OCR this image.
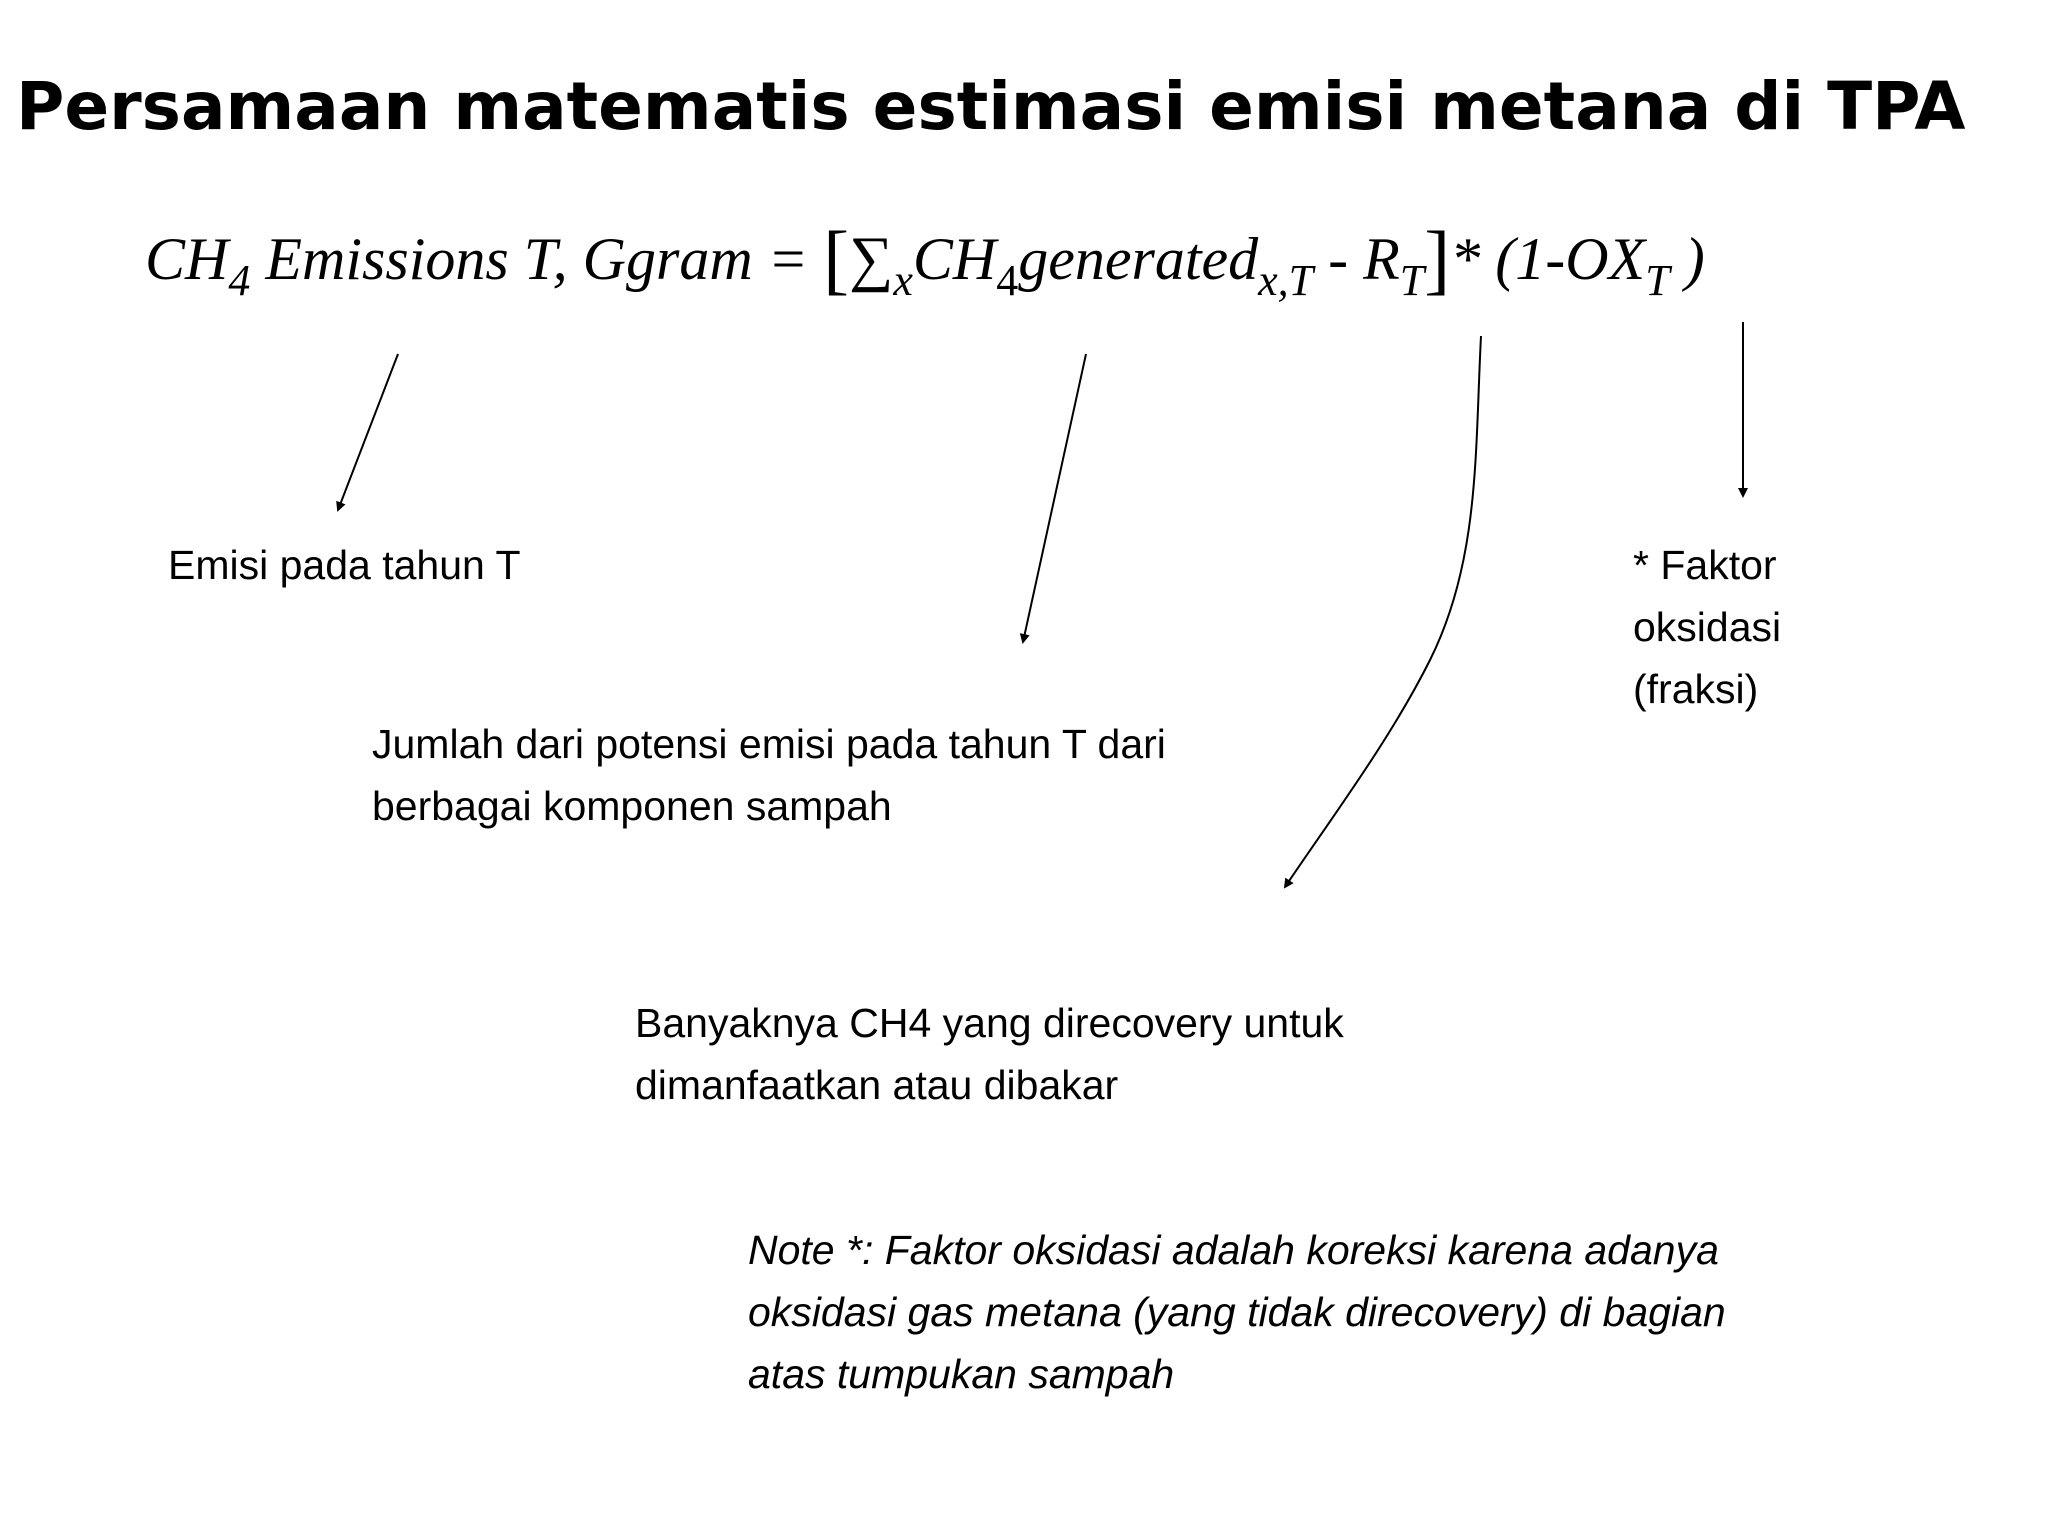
Persamaan matematis estimasi emisi metana di TPA
$CH_4$ Emissions T, Ggram = $[\sum_xCH_4generated_{x,T} - R_T]*$ ($1-OX_T$ )
Emisi pada tahun T
Jumlah dari potensi emisi pada tahun T dari
berbagai komponen sampah
Banyaknya CH4 yang direcovery untuk
dimanfaatkan atau dibakar
* Faktor
oksidasi
(fraksi)
Note *: Faktor oksidasi adalah koreksi karena adanya
oksidasi gas metana (yang tidak direcovery) di bagian
atas tumpukan sampah
